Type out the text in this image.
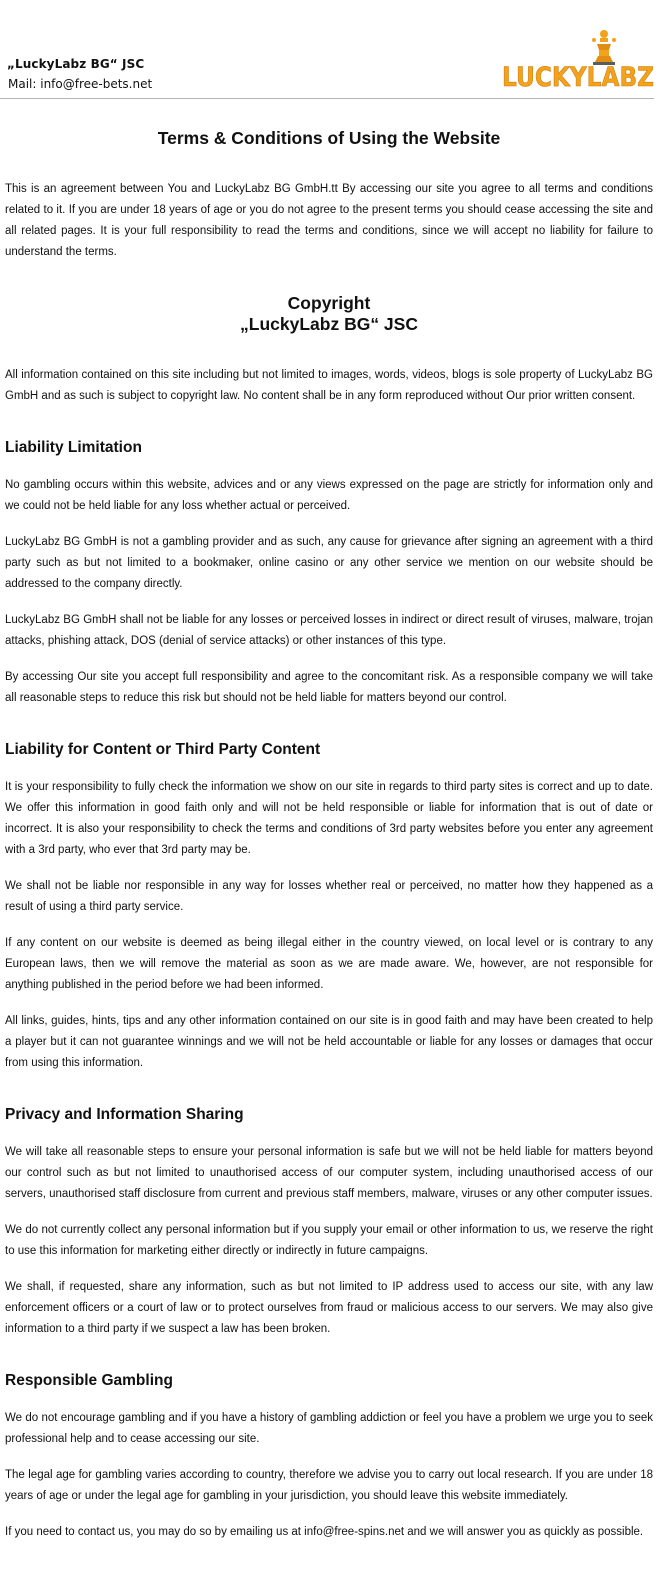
„LuckyLabz BG“ JSC
Mail: info@free-bets.net	LUCKYLABZ
Terms & Conditions of Using the Website

This is an agreement between You and LuckyLabz BG GmbH.tt By accessing our site you agree to all terms and conditions related to it. If you are under 18 years of age or you do not agree to the present terms you should cease accessing the site and all related pages. It is your full responsibility to read the terms and conditions, since we will accept no liability for failure to understand the terms.

Copyright
„LuckyLabz BG“ JSC

All information contained on this site including but not limited to images, words, videos, blogs is sole property of LuckyLabz BG GmbH and as such is subject to copyright law. No content shall be in any form reproduced without Our prior written consent.

Liability Limitation

No gambling occurs within this website, advices and or any views expressed on the page are strictly for information only and we could not be held liable for any loss whether actual or perceived.

LuckyLabz BG GmbH is not a gambling provider and as such, any cause for grievance after signing an agreement with a third party such as but not limited to a bookmaker, online casino or any other service we mention on our website should be addressed to the company directly.

LuckyLabz BG GmbH shall not be liable for any losses or perceived losses in indirect or direct result of viruses, malware, trojan attacks, phishing attack, DOS (denial of service attacks) or other instances of this type.

By accessing Our site you accept full responsibility and agree to the concomitant risk. As a responsible company we will take all reasonable steps to reduce this risk but should not be held liable for matters beyond our control.

Liability for Content or Third Party Content

It is your responsibility to fully check the information we show on our site in regards to third party sites is correct and up to date. We offer this information in good faith only and will not be held responsible or liable for information that is out of date or incorrect. It is also your responsibility to check the terms and conditions of 3rd party websites before you enter any agreement with a 3rd party, who ever that 3rd party may be.

We shall not be liable nor responsible in any way for losses whether real or perceived, no matter how they happened as a result of using a third party service.

If any content on our website is deemed as being illegal either in the country viewed, on local level or is contrary to any European laws, then we will remove the material as soon as we are made aware. We, however, are not responsible for anything published in the period before we had been informed.

All links, guides, hints, tips and any other information contained on our site is in good faith and may have been created to help a player but it can not guarantee winnings and we will not be held accountable or liable for any losses or damages that occur from using this information.

Privacy and Information Sharing

We will take all reasonable steps to ensure your personal information is safe but we will not be held liable for matters beyond our control such as but not limited to unauthorised access of our computer system, including unauthorised access of our servers, unauthorised staff disclosure from current and previous staff members, malware, viruses or any other computer issues.

We do not currently collect any personal information but if you supply your email or other information to us, we reserve the right to use this information for marketing either directly or indirectly in future campaigns.

We shall, if requested, share any information, such as but not limited to IP address used to access our site, with any law enforcement officers or a court of law or to protect ourselves from fraud or malicious access to our servers. We may also give information to a third party if we suspect a law has been broken.

Responsible Gambling

We do not encourage gambling and if you have a history of gambling addiction or feel you have a problem we urge you to seek professional help and to cease accessing our site.

The legal age for gambling varies according to country, therefore we advise you to carry out local research. If you are under 18 years of age or under the legal age for gambling in your jurisdiction, you should leave this website immediately.

If you need to contact us, you may do so by emailing us at info@free-spins.net and we will answer you as quickly as possible.
